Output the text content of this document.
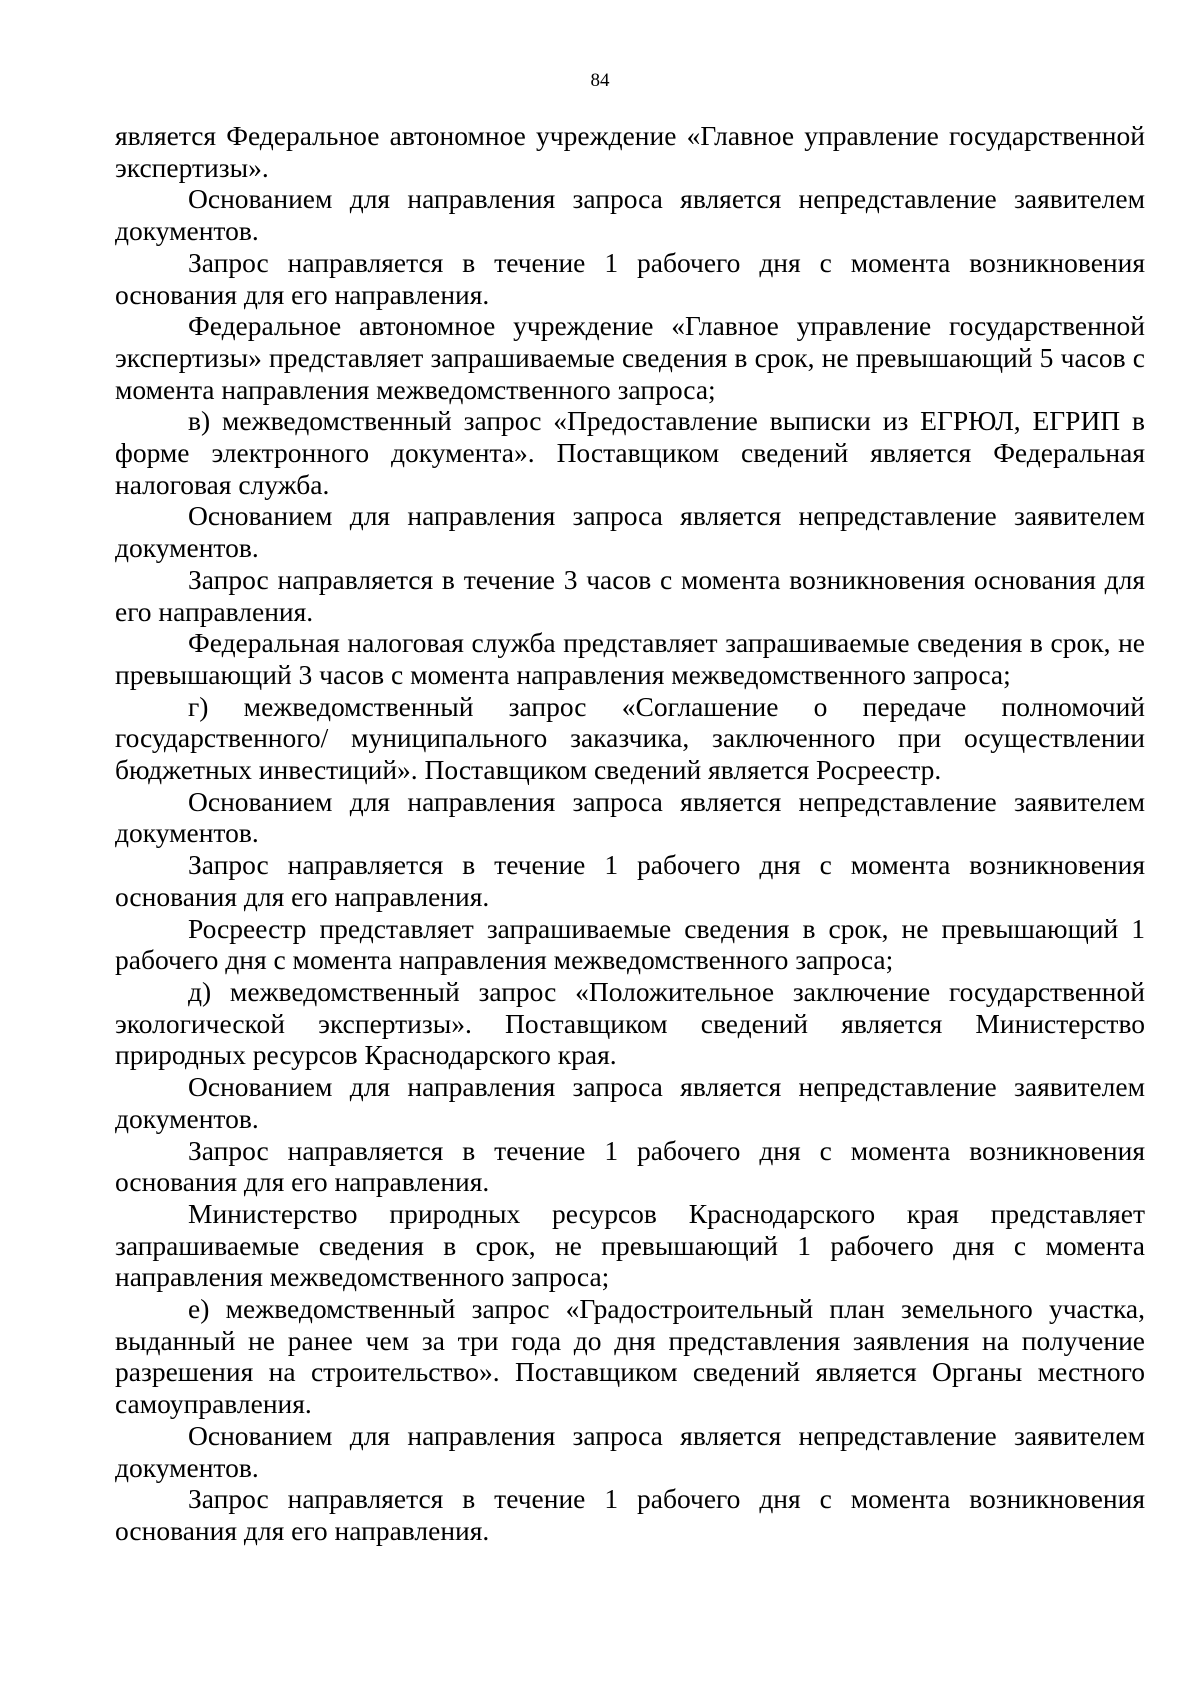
84

является Федеральное автономное учреждение «Главное управление государственной экспертизы».

Основанием для направления запроса является непредставление заявителем документов.

Запрос направляется в течение 1 рабочего дня с момента возникновения основания для его направления.

Федеральное автономное учреждение «Главное управление государственной экспертизы» представляет запрашиваемые сведения в срок, не превышающий 5 часов с момента направления межведомственного запроса;

в) межведомственный запрос «Предоставление выписки из ЕГРЮЛ, ЕГРИП в форме электронного документа». Поставщиком сведений является Федеральная налоговая служба.

Основанием для направления запроса является непредставление заявителем документов.

Запрос направляется в течение 3 часов с момента возникновения основания для его направления.

Федеральная налоговая служба представляет запрашиваемые сведения в срок, не превышающий 3 часов с момента направления межведомственного запроса;

г) межведомственный запрос «Соглашение о передаче полномочий государственного/ муниципального заказчика, заключенного при осуществлении бюджетных инвестиций». Поставщиком сведений является Росреестр.

Основанием для направления запроса является непредставление заявителем документов.

Запрос направляется в течение 1 рабочего дня с момента возникновения основания для его направления.

Росреестр представляет запрашиваемые сведения в срок, не превышающий 1 рабочего дня с момента направления межведомственного запроса;

д) межведомственный запрос «Положительное заключение государственной экологической экспертизы». Поставщиком сведений является Министерство природных ресурсов Краснодарского края.

Основанием для направления запроса является непредставление заявителем документов.

Запрос направляется в течение 1 рабочего дня с момента возникновения основания для его направления.

Министерство природных ресурсов Краснодарского края представляет запрашиваемые сведения в срок, не превышающий 1 рабочего дня с момента направления межведомственного запроса;

е) межведомственный запрос «Градостроительный план земельного участка, выданный не ранее чем за три года до дня представления заявления на получение разрешения на строительство». Поставщиком сведений является Органы местного самоуправления.

Основанием для направления запроса является непредставление заявителем документов.

Запрос направляется в течение 1 рабочего дня с момента возникновения основания для его направления.
